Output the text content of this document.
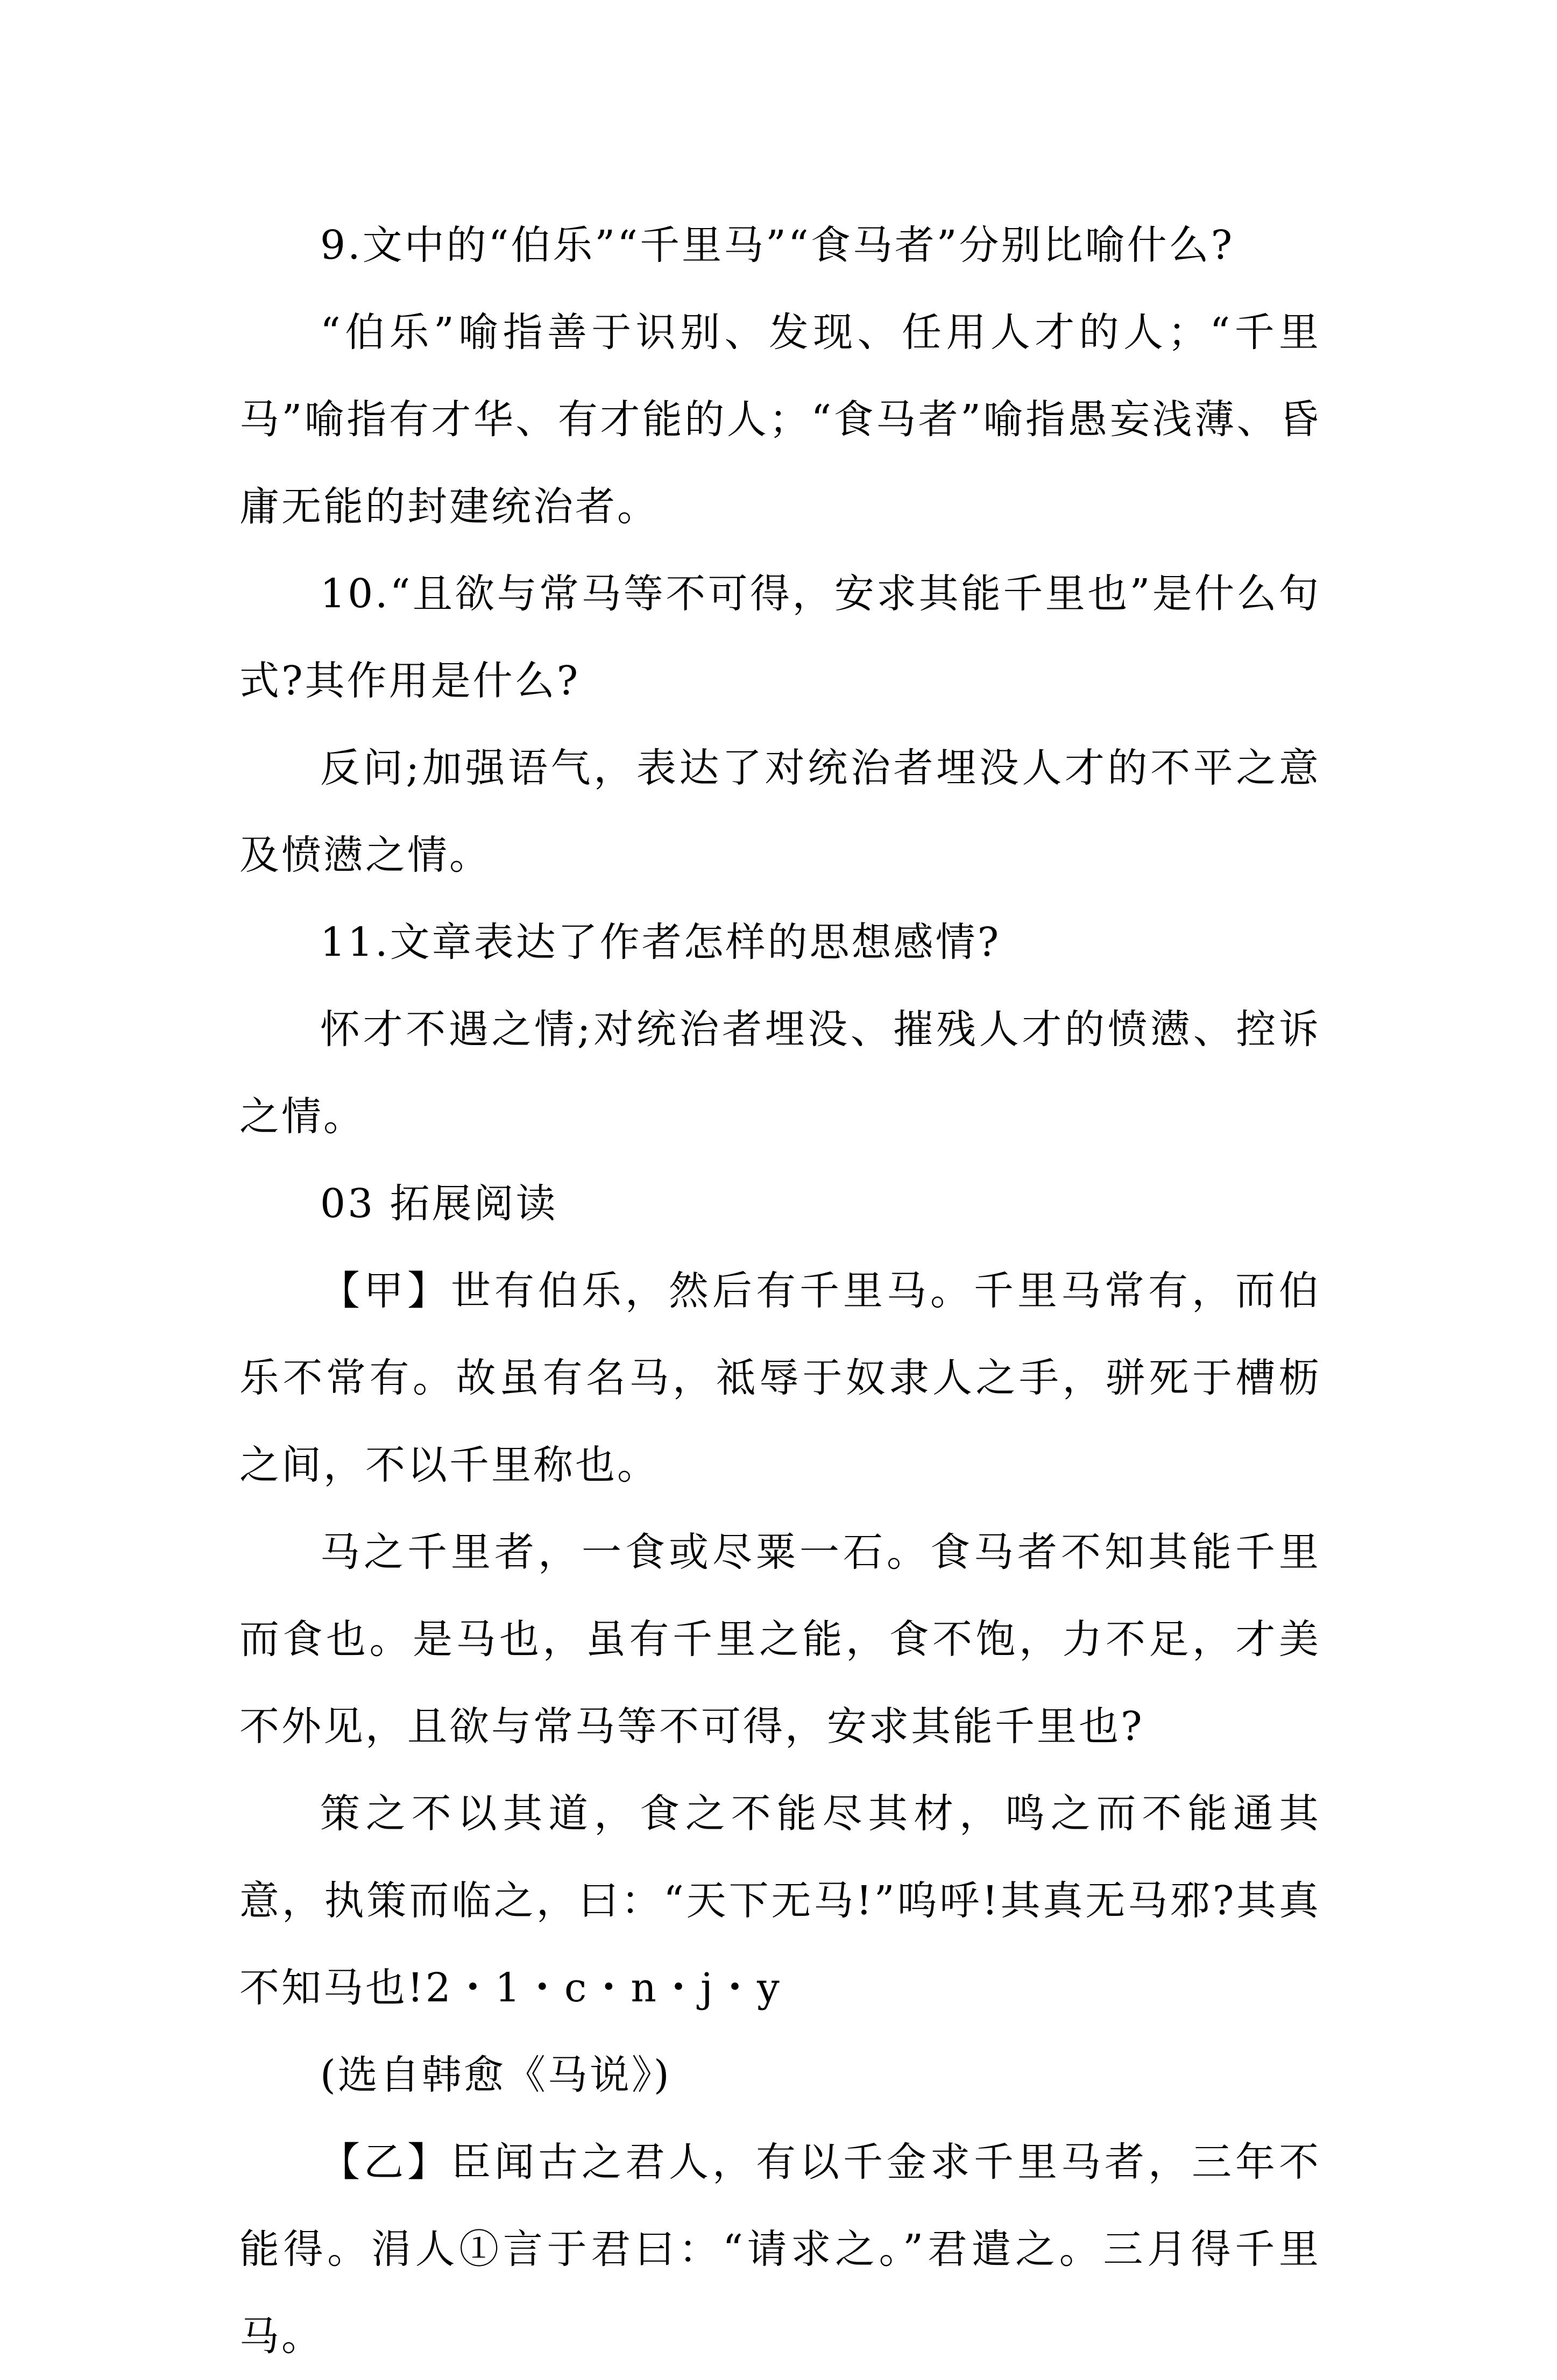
9.文中的“伯乐”“千里马”“食马者”分别比喻什么?

“伯乐”喻指善于识别、发现、任用人才的人；“千里马”喻指有才华、有才能的人；“食马者”喻指愚妄浅薄、昏庸无能的封建统治者。

10.“且欲与常马等不可得，安求其能千里也”是什么句式?其作用是什么?

反问;加强语气，表达了对统治者埋没人才的不平之意及愤懑之情。

11.文章表达了作者怎样的思想感情?

怀才不遇之情;对统治者埋没、摧残人才的愤懑、控诉之情。

03 拓展阅读

【甲】世有伯乐，然后有千里马。千里马常有，而伯乐不常有。故虽有名马，祗辱于奴隶人之手，骈死于槽枥之间，不以千里称也。

马之千里者，一食或尽粟一石。食马者不知其能千里而食也。是马也，虽有千里之能，食不饱，力不足，才美不外见，且欲与常马等不可得，安求其能千里也?

策之不以其道，食之不能尽其材，鸣之而不能通其意，执策而临之，曰：“天下无马!”呜呼!其真无马邪?其真不知马也!2・1・c・n・j・y

(选自韩愈《马说》)

【乙】臣闻古之君人，有以千金求千里马者，三年不能得。涓人①言于君曰：“请求之。”君遣之。三月得千里马。
